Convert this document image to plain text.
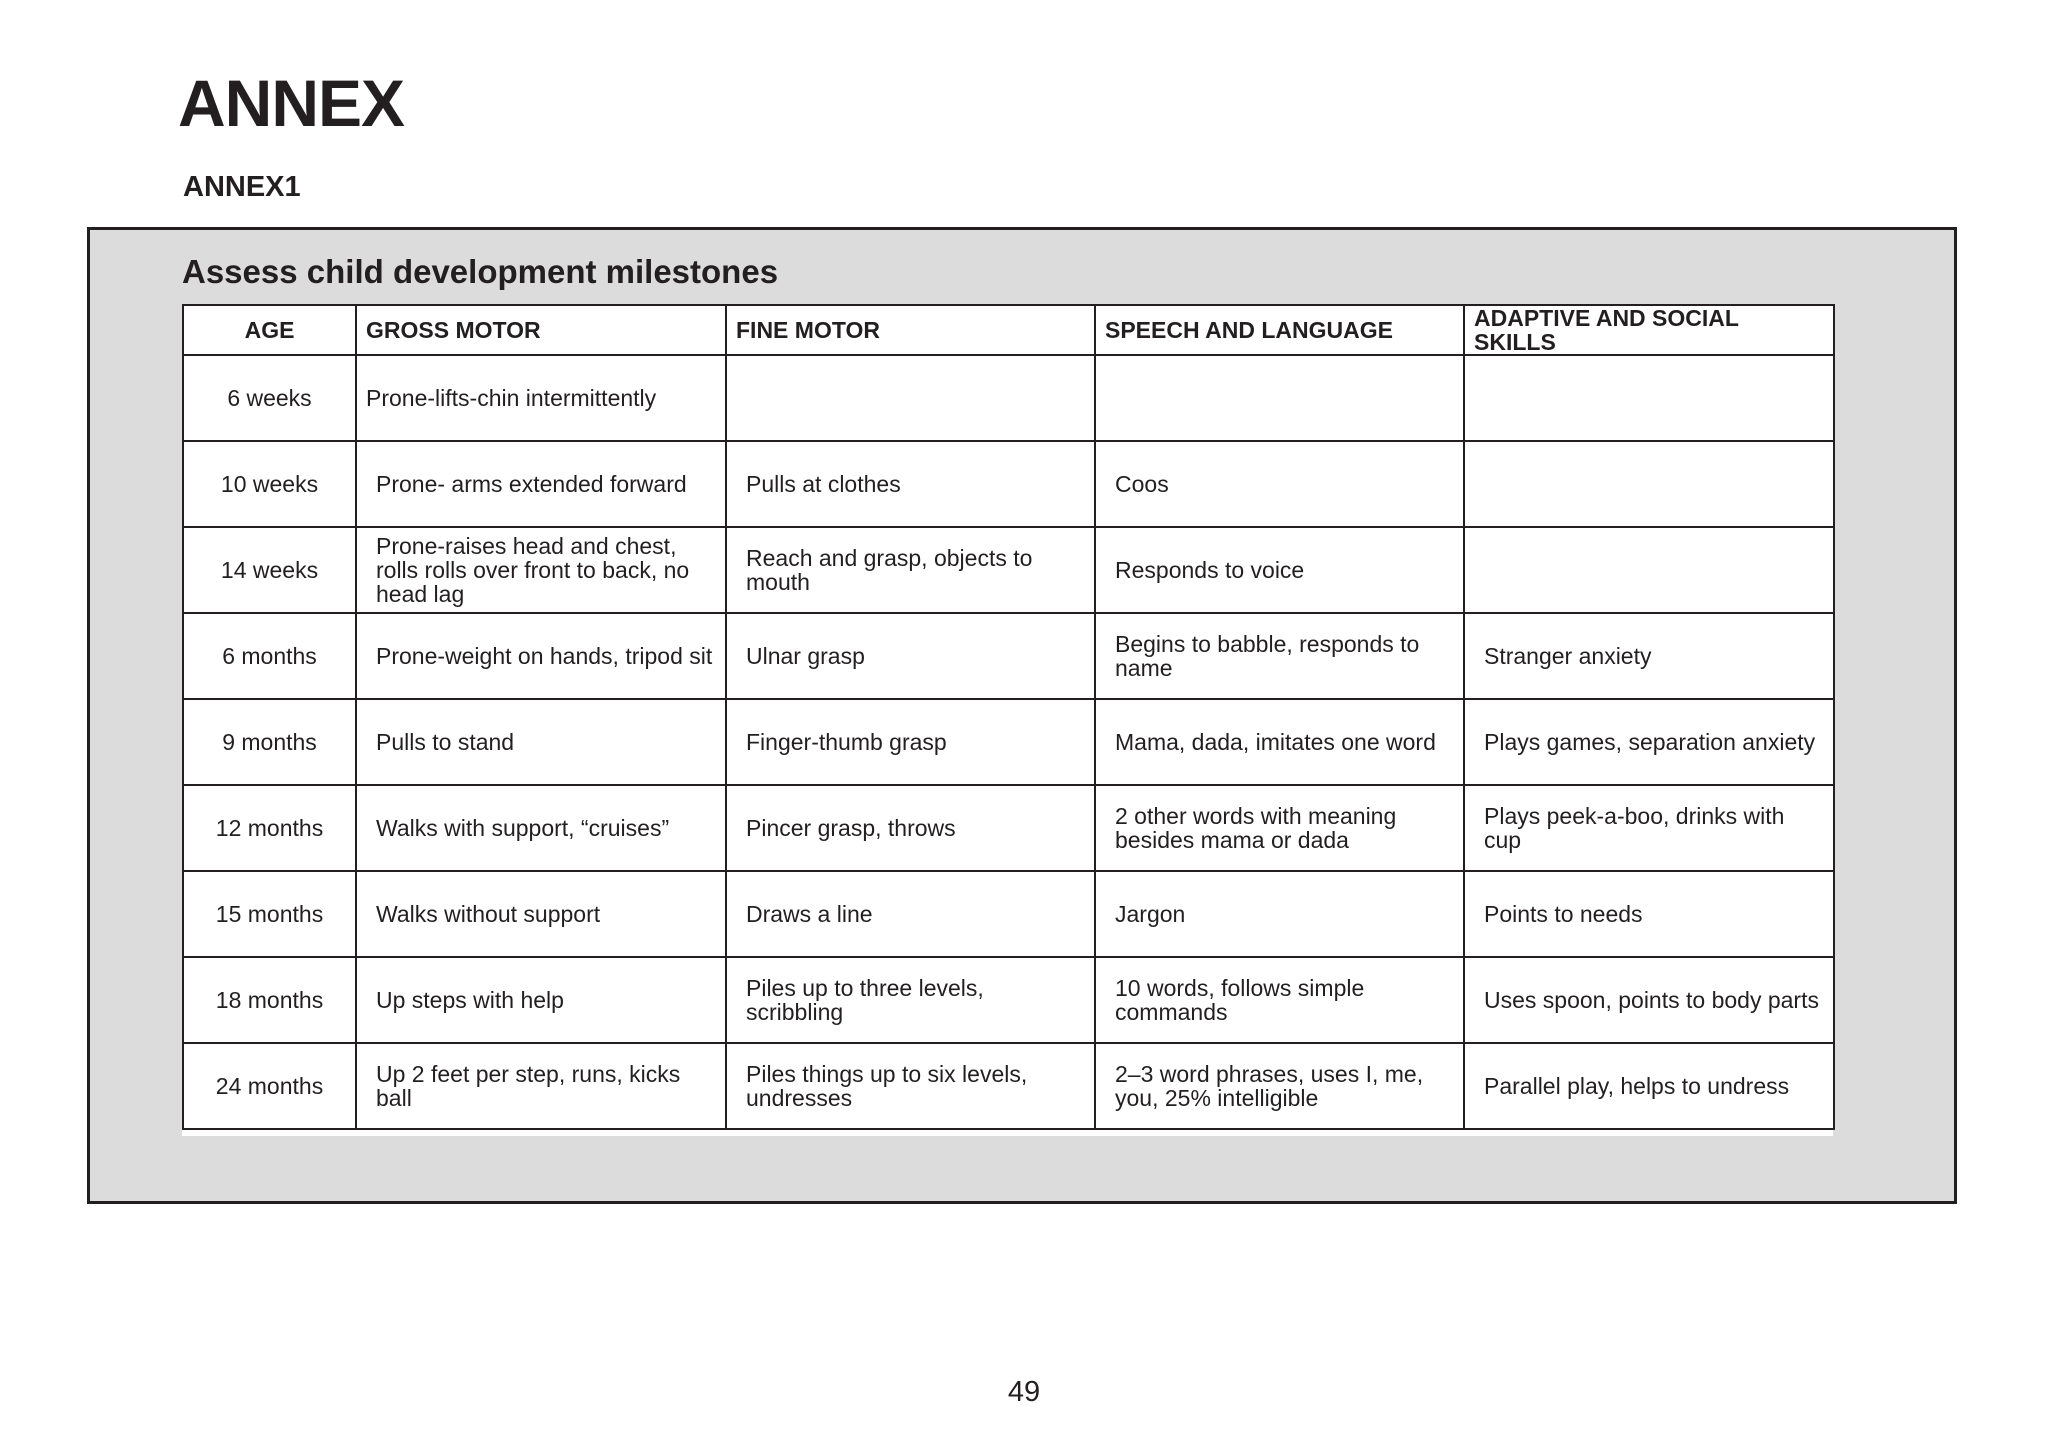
ANNEX
ANNEX1
Assess child development milestones
AGE	GROSS MOTOR	FINE MOTOR	SPEECH AND LANGUAGE	ADAPTIVE AND SOCIAL SKILLS
6 weeks	Prone-lifts-chin intermittently			
10 weeks	Prone- arms extended forward	Pulls at clothes	Coos	
14 weeks	Prone-raises head and chest, rolls rolls over front to back, no head lag	Reach and grasp, objects to mouth	Responds to voice	
6 months	Prone-weight on hands, tripod sit	Ulnar grasp	Begins to babble, responds to name	Stranger anxiety
9 months	Pulls to stand	Finger-thumb grasp	Mama, dada, imitates one word	Plays games, separation anxiety
12 months	Walks with support, “cruises”	Pincer grasp, throws	2 other words with meaning besides mama or dada	Plays peek-a-boo, drinks with cup
15 months	Walks without support	Draws a line	Jargon	Points to needs
18 months	Up steps with help	Piles up to three levels, scribbling	10 words, follows simple commands	Uses spoon, points to body parts
24 months	Up 2 feet per step, runs, kicks ball	Piles things up to six levels, undresses	2–3 word phrases, uses I, me, you, 25% intelligible	Parallel play, helps to undress

49
